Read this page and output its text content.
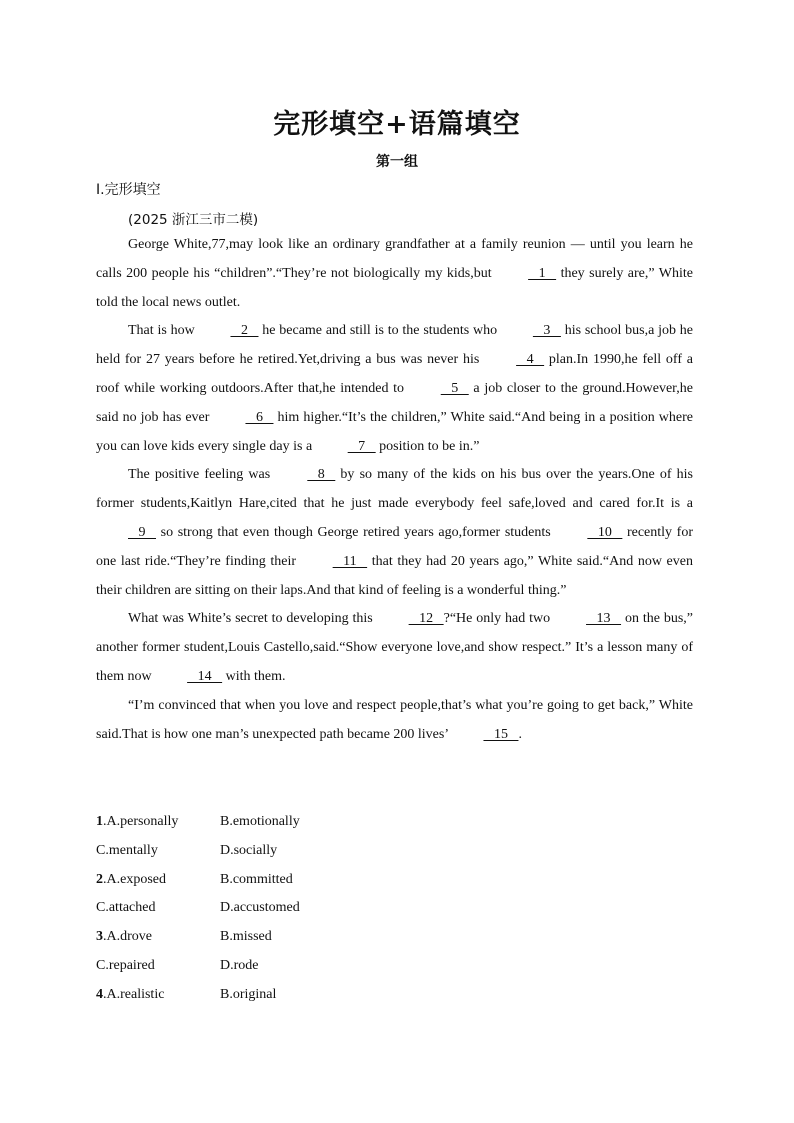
完形填空+语篇填空
第一组
Ⅰ.完形填空
(2025 浙江三市二模)

George White,77,may look like an ordinary grandfather at a family reunion — until you learn he calls 200 people his “children”.“They’re not biologically my kids,but    1    they surely are,” White told the local news outlet.

That is how    2    he became and still is to the students who    3    his school bus,a job he held for 27 years before he retired.Yet,driving a bus was never his    4    plan.In 1990,he fell off a roof while working outdoors.After that,he intended to    5    a job closer to the ground.However,he said no job has ever    6    him higher.“It’s the children,” White said.“And being in a position where you can love kids every single day is a    7    position to be in.”

The positive feeling was    8    by so many of the kids on his bus over the years.One of his former students,Kaitlyn Hare,cited that he just made everybody feel safe,loved and cared for.It is a    9    so strong that even though George retired years ago,former students    10    recently for one last ride.“They’re finding their    11    that they had 20 years ago,” White said.“And now even their children are sitting on their laps.And that kind of feeling is a wonderful thing.”

What was White’s secret to developing this    12   ?“He only had two    13    on the bus,” another former student,Louis Castello,said.“Show everyone love,and show respect.” It’s a lesson many of them now    14    with them.

“I’m convinced that when you love and respect people,that’s what you’re going to get back,” White said.That is how one man’s unexpected path became 200 lives’    15   .

1.A.personally	B.emotionally
C.mentally	D.socially
2.A.exposed	B.committed
C.attached	D.accustomed
3.A.drove	B.missed
C.repaired	D.rode
4.A.realistic	B.original
